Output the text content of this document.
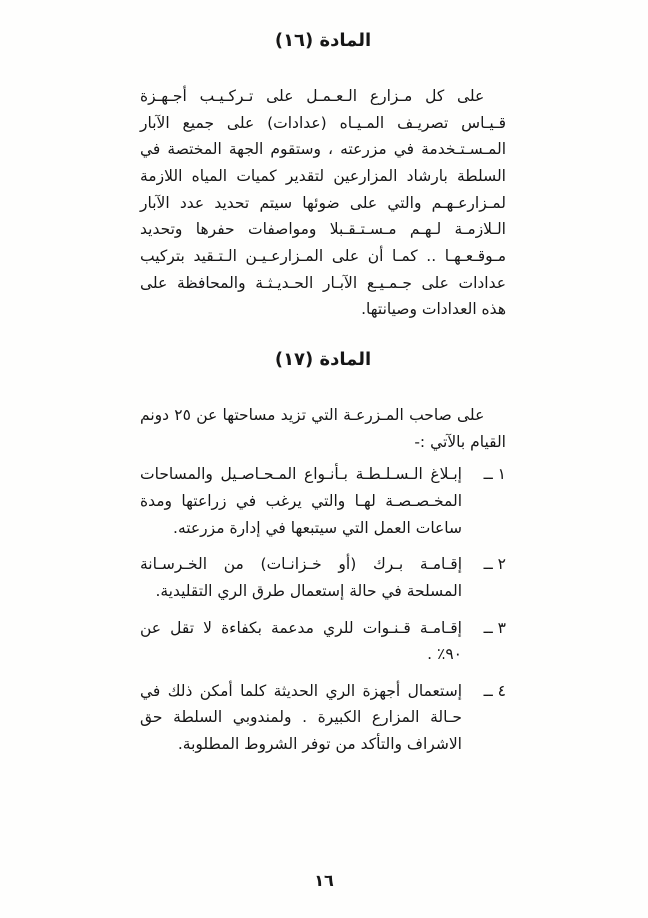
المادة (١٦)

على كل مـزارع الـعـمـل على تـركـيـب أجـهـزة قـيـاس تصريـف المـيـاه (عدادات) على جميع الآبار المـسـتـخدمة في مزرعته ، وستقوم الجهة المختصة في السلطة بارشاد المزارعين لتقدير كميات المياه اللازمة لمـزارعـهـم والتي على ضوئها سيتم تحديد عدد الآبار الـلازمـة لـهـم مـسـتـقـبلا ومواصفات حفرها وتحديد مـوقـعـهـا .. كمـا أن على المـزارعـيـن الـتـقيد بتركيب عدادات على جـمـيـع الآبـار الحـديـثـة والمحافظة على هذه العدادات وصيانتها.

المادة (١٧)

على صاحب المـزرعـة التي تزيد مساحتها عن ٢٥ دونم القيام بالآتي :-

١ ــ
إبـلاغ الـسـلـطـة بـأنـواع المـحـاصـيل والمساحات المخـصـصـة لهـا والتي يرغب في زراعتها ومدة ساعات العمل التي سيتبعها في إدارة مزرعته.
٢ ــ
إقـامـة بـرك (أو خـزانـات) من الخـرسـانة المسلحة في حالة إستعمال طرق الري التقليدية.
٣ ــ
إقـامـة قـنـوات للري مدعمة بكفاءة لا تقل عن ٩٠٪ .
٤ ــ
إستعمال أجهزة الري الحديثة كلما أمكن ذلك في حـالة المزارع الكبيرة . ولمندوبي السلطة حق الاشراف والتأكد من توفر الشروط المطلوبة.
١٦
